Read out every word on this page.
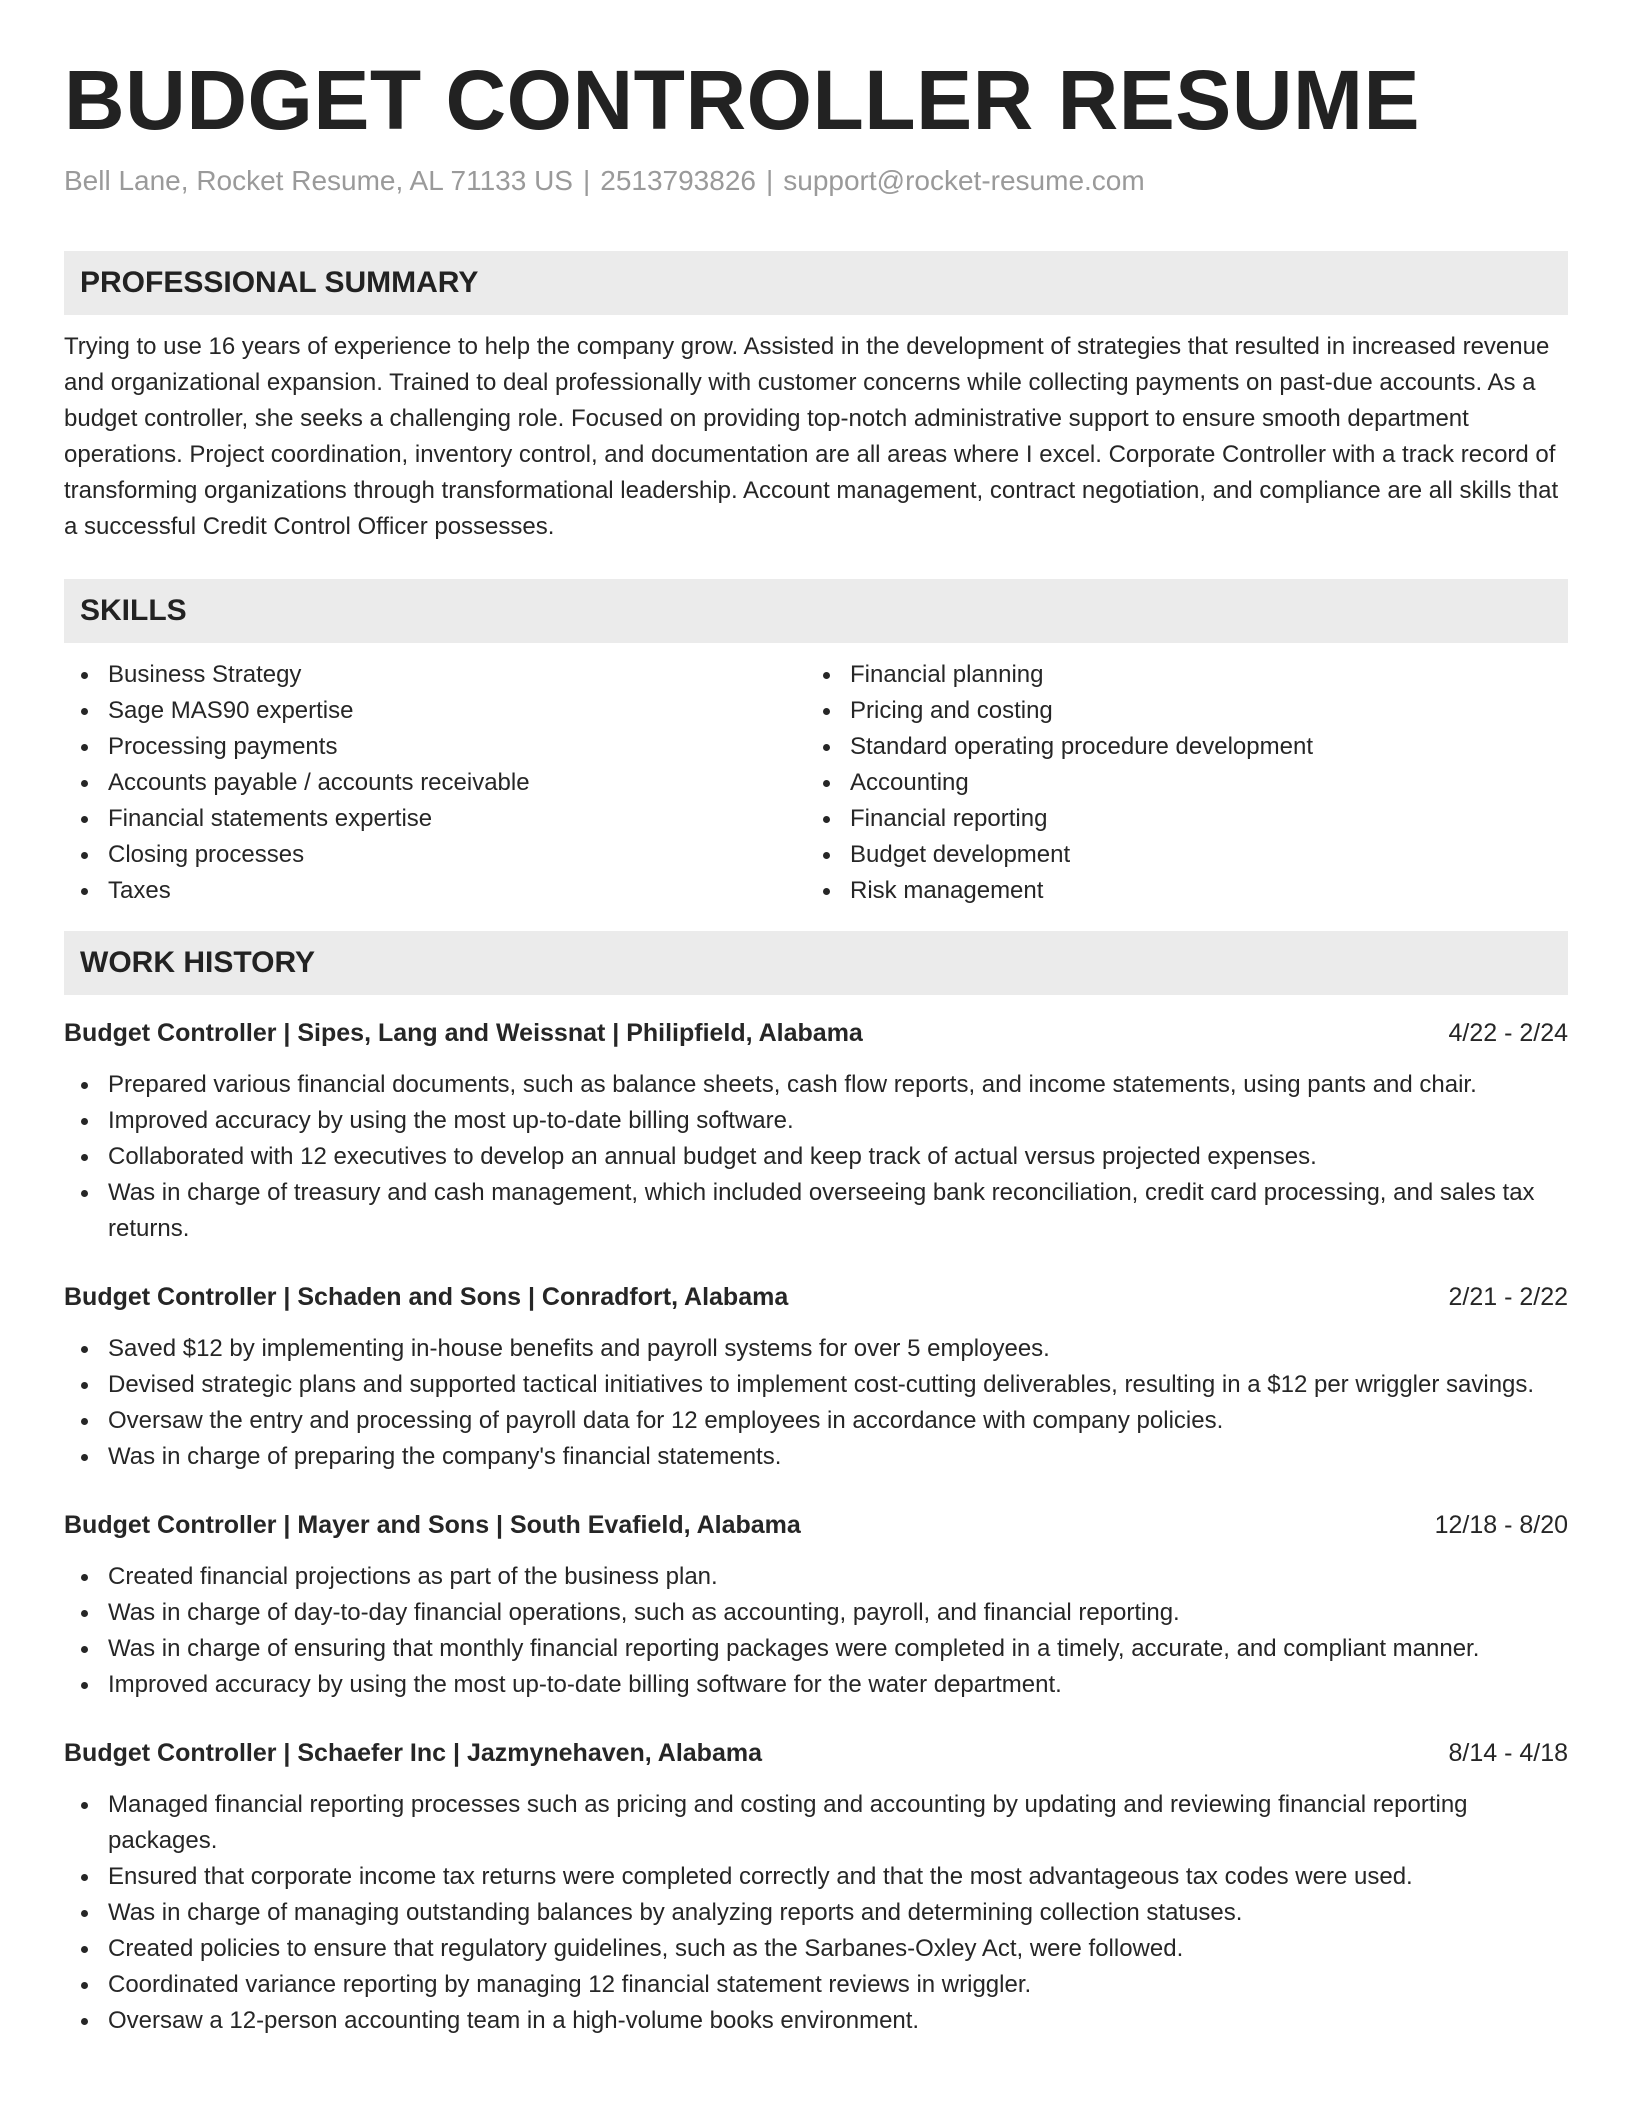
BUDGET CONTROLLER RESUME
Bell Lane, Rocket Resume, AL 71133 US | 2513793826 | support@rocket-resume.com
PROFESSIONAL SUMMARY
Trying to use 16 years of experience to help the company grow. Assisted in the development of strategies that resulted in increased revenue and organizational expansion. Trained to deal professionally with customer concerns while collecting payments on past-due accounts. As a budget controller, she seeks a challenging role. Focused on providing top-notch administrative support to ensure smooth department operations. Project coordination, inventory control, and documentation are all areas where I excel. Corporate Controller with a track record of transforming organizations through transformational leadership. Account management, contract negotiation, and compliance are all skills that a successful Credit Control Officer possesses.
SKILLS
Business Strategy
Sage MAS90 expertise
Processing payments
Accounts payable / accounts receivable
Financial statements expertise
Closing processes
Taxes
Financial planning
Pricing and costing
Standard operating procedure development
Accounting
Financial reporting
Budget development
Risk management
WORK HISTORY
Budget Controller | Sipes, Lang and Weissnat | Philipfield, Alabama	4/22 - 2/24
Prepared various financial documents, such as balance sheets, cash flow reports, and income statements, using pants and chair.
Improved accuracy by using the most up-to-date billing software.
Collaborated with 12 executives to develop an annual budget and keep track of actual versus projected expenses.
Was in charge of treasury and cash management, which included overseeing bank reconciliation, credit card processing, and sales tax returns.
Budget Controller | Schaden and Sons | Conradfort, Alabama	2/21 - 2/22
Saved $12 by implementing in-house benefits and payroll systems for over 5 employees.
Devised strategic plans and supported tactical initiatives to implement cost-cutting deliverables, resulting in a $12 per wriggler savings.
Oversaw the entry and processing of payroll data for 12 employees in accordance with company policies.
Was in charge of preparing the company's financial statements.
Budget Controller | Mayer and Sons | South Evafield, Alabama	12/18 - 8/20
Created financial projections as part of the business plan.
Was in charge of day-to-day financial operations, such as accounting, payroll, and financial reporting.
Was in charge of ensuring that monthly financial reporting packages were completed in a timely, accurate, and compliant manner.
Improved accuracy by using the most up-to-date billing software for the water department.
Budget Controller | Schaefer Inc | Jazmynehaven, Alabama	8/14 - 4/18
Managed financial reporting processes such as pricing and costing and accounting by updating and reviewing financial reporting packages.
Ensured that corporate income tax returns were completed correctly and that the most advantageous tax codes were used.
Was in charge of managing outstanding balances by analyzing reports and determining collection statuses.
Created policies to ensure that regulatory guidelines, such as the Sarbanes-Oxley Act, were followed.
Coordinated variance reporting by managing 12 financial statement reviews in wriggler.
Oversaw a 12-person accounting team in a high-volume books environment.
